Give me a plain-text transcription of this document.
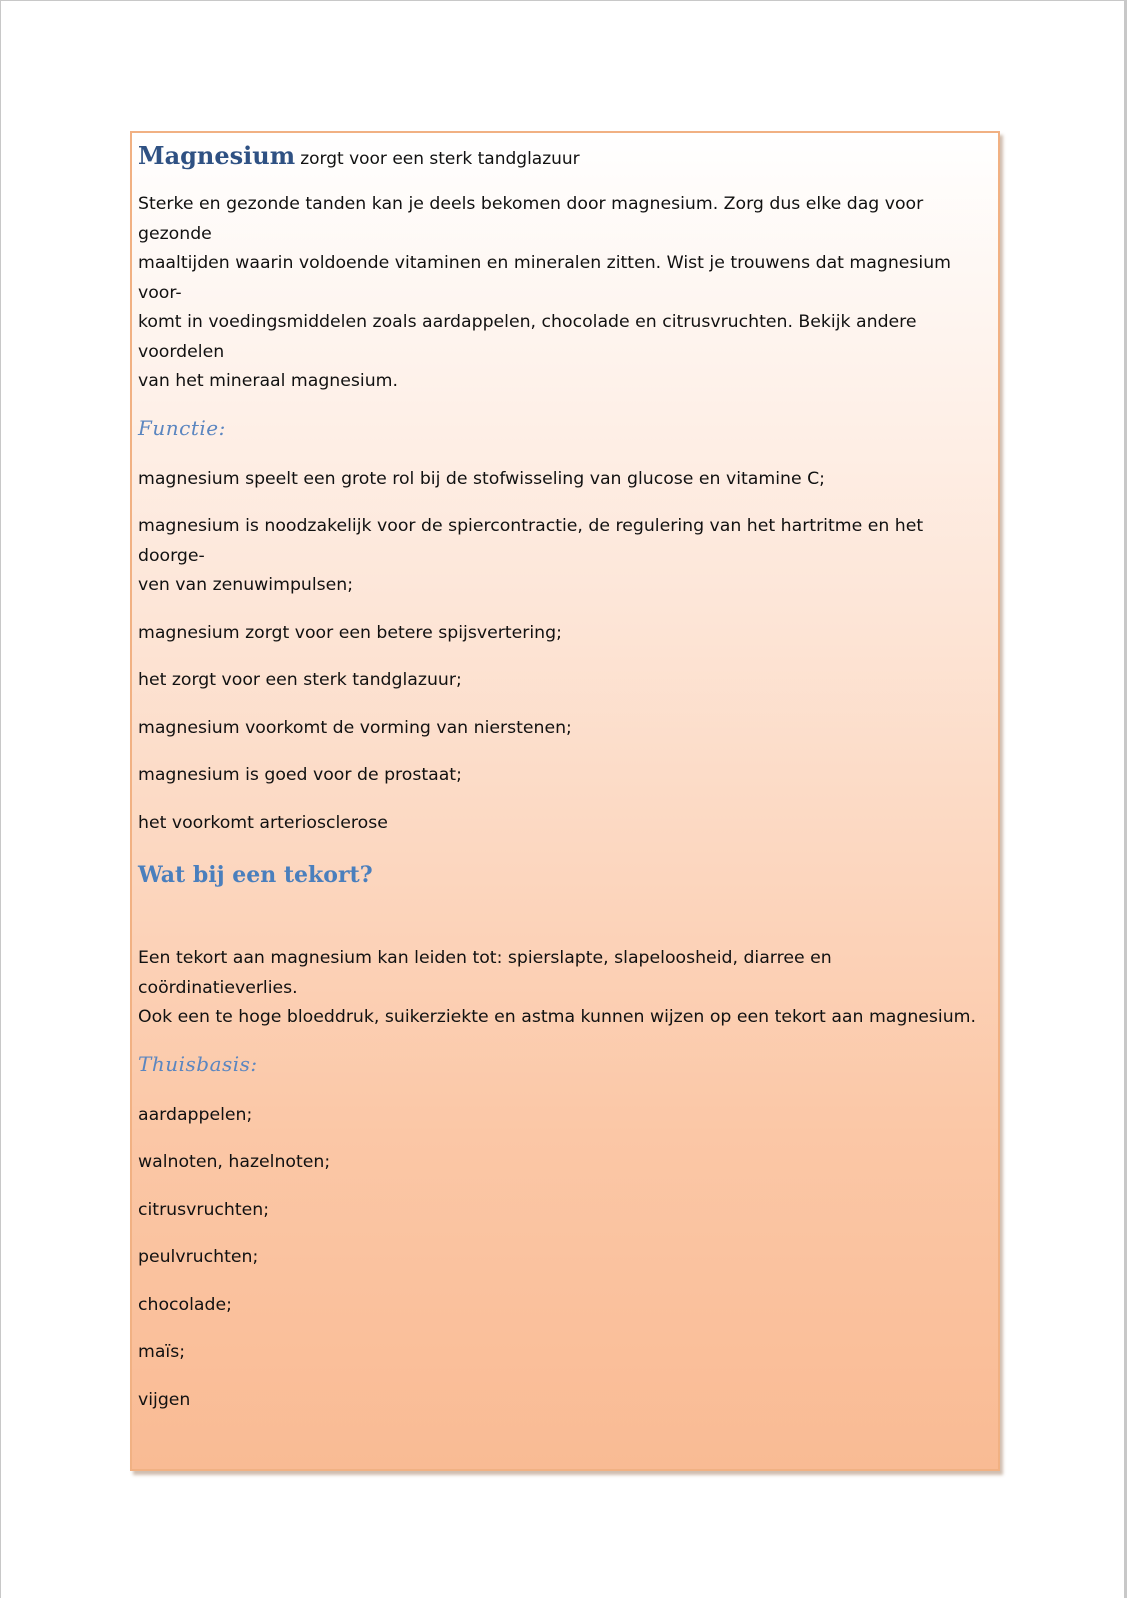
Magnesium zorgt voor een sterk tandglazuur

Sterke en gezonde tanden kan je deels bekomen door magnesium. Zorg dus elke dag voor gezonde
maaltijden waarin voldoende vitaminen en mineralen zitten. Wist je trouwens dat magnesium voor-
komt in voedingsmiddelen zoals aardappelen, chocolade en citrusvruchten. Bekijk andere voordelen
van het mineraal magnesium.

Functie:
magnesium speelt een grote rol bij de stofwisseling van glucose en vitamine C;
magnesium is noodzakelijk voor de spiercontractie, de regulering van het hartritme en het doorge-
ven van zenuwimpulsen;
magnesium zorgt voor een betere spijsvertering;
het zorgt voor een sterk tandglazuur;
magnesium voorkomt de vorming van nierstenen;
magnesium is goed voor de prostaat;
het voorkomt arteriosclerose
Wat bij een tekort?

Een tekort aan magnesium kan leiden tot: spierslapte, slapeloosheid, diarree en coördinatieverlies.
Ook een te hoge bloeddruk, suikerziekte en astma kunnen wijzen op een tekort aan magnesium.

Thuisbasis:
aardappelen;
walnoten, hazelnoten;
citrusvruchten;
peulvruchten;
chocolade;
maïs;
vijgen
